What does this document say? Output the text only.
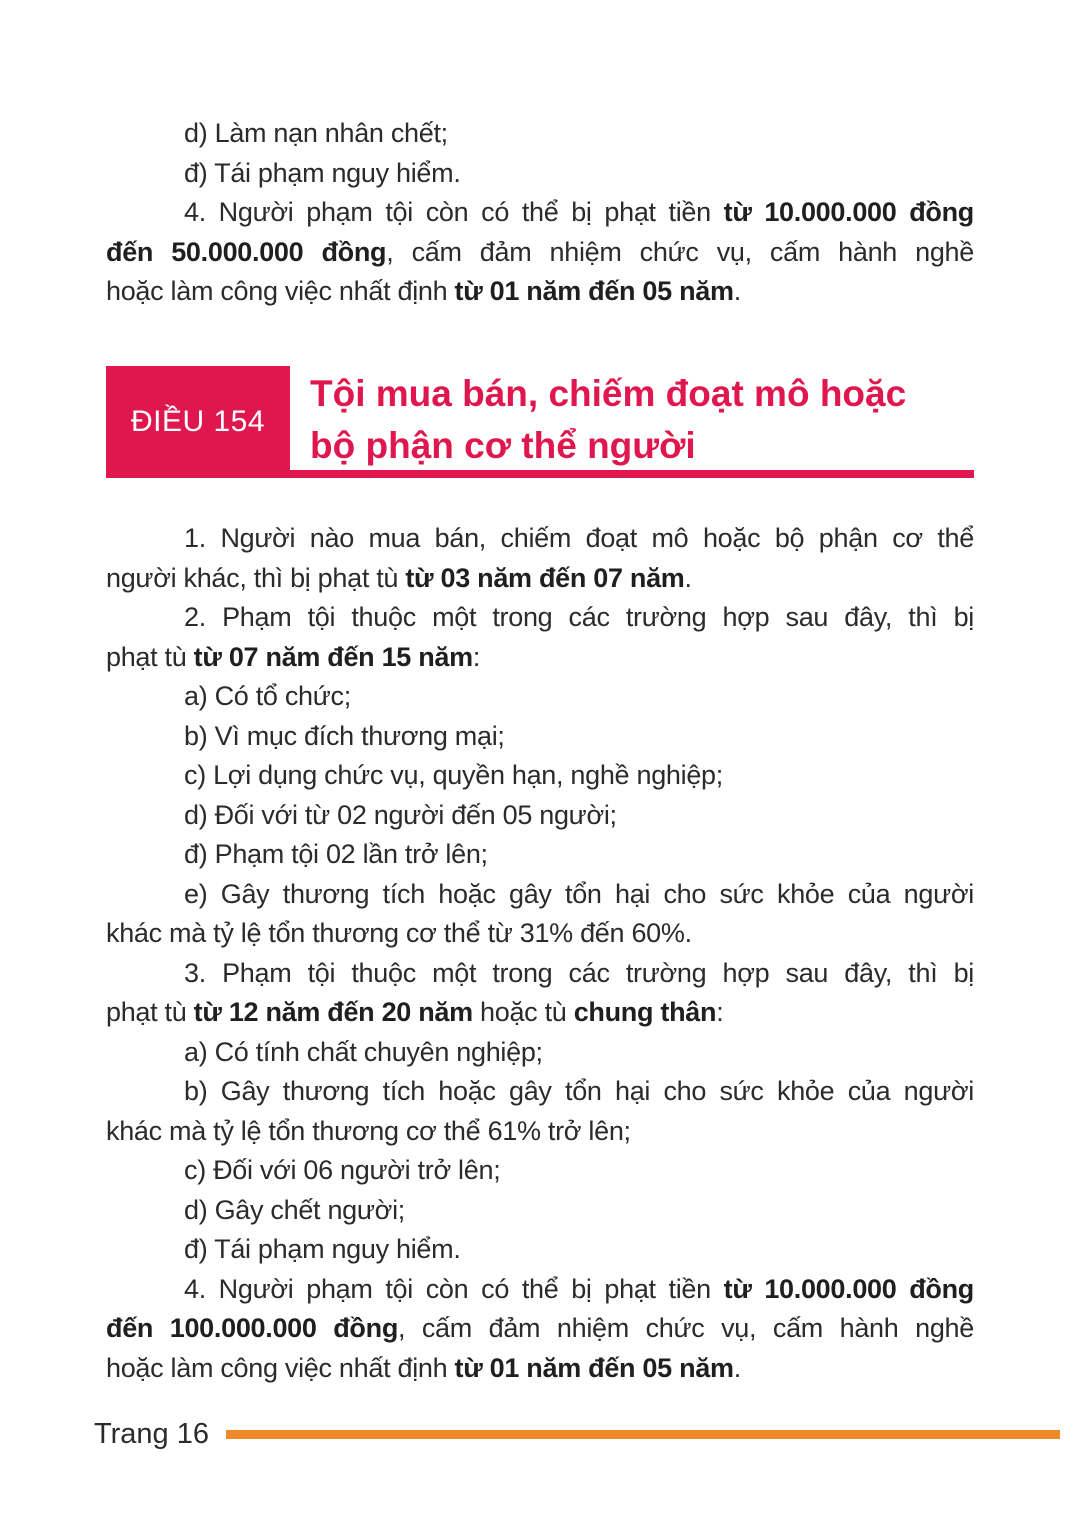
d) Làm nạn nhân chết;
đ) Tái phạm nguy hiểm.
4. Người phạm tội còn có thể bị phạt tiền từ 10.000.000 đồng
đến 50.000.000 đồng, cấm đảm nhiệm chức vụ, cấm hành nghề
hoặc làm công việc nhất định từ 01 năm đến 05 năm.
ĐIỀU 154
Tội mua bán, chiếm đoạt mô hoặc
bộ phận cơ thể người
1. Người nào mua bán, chiếm đoạt mô hoặc bộ phận cơ thể
người khác, thì bị phạt tù từ 03 năm đến 07 năm.
2. Phạm tội thuộc một trong các trường hợp sau đây, thì bị
phạt tù từ 07 năm đến 15 năm:
a) Có tổ chức;
b) Vì mục đích thương mại;
c) Lợi dụng chức vụ, quyền hạn, nghề nghiệp;
d) Đối với từ 02 người đến 05 người;
đ) Phạm tội 02 lần trở lên;
e) Gây thương tích hoặc gây tổn hại cho sức khỏe của người
khác mà tỷ lệ tổn thương cơ thể từ 31% đến 60%.
3. Phạm tội thuộc một trong các trường hợp sau đây, thì bị
phạt tù từ 12 năm đến 20 năm hoặc tù chung thân:
a) Có tính chất chuyên nghiệp;
b) Gây thương tích hoặc gây tổn hại cho sức khỏe của người
khác mà tỷ lệ tổn thương cơ thể 61% trở lên;
c) Đối với 06 người trở lên;
d) Gây chết người;
đ) Tái phạm nguy hiểm.
4. Người phạm tội còn có thể bị phạt tiền từ 10.000.000 đồng
đến 100.000.000 đồng, cấm đảm nhiệm chức vụ, cấm hành nghề
hoặc làm công việc nhất định từ 01 năm đến 05 năm.
Trang 16
